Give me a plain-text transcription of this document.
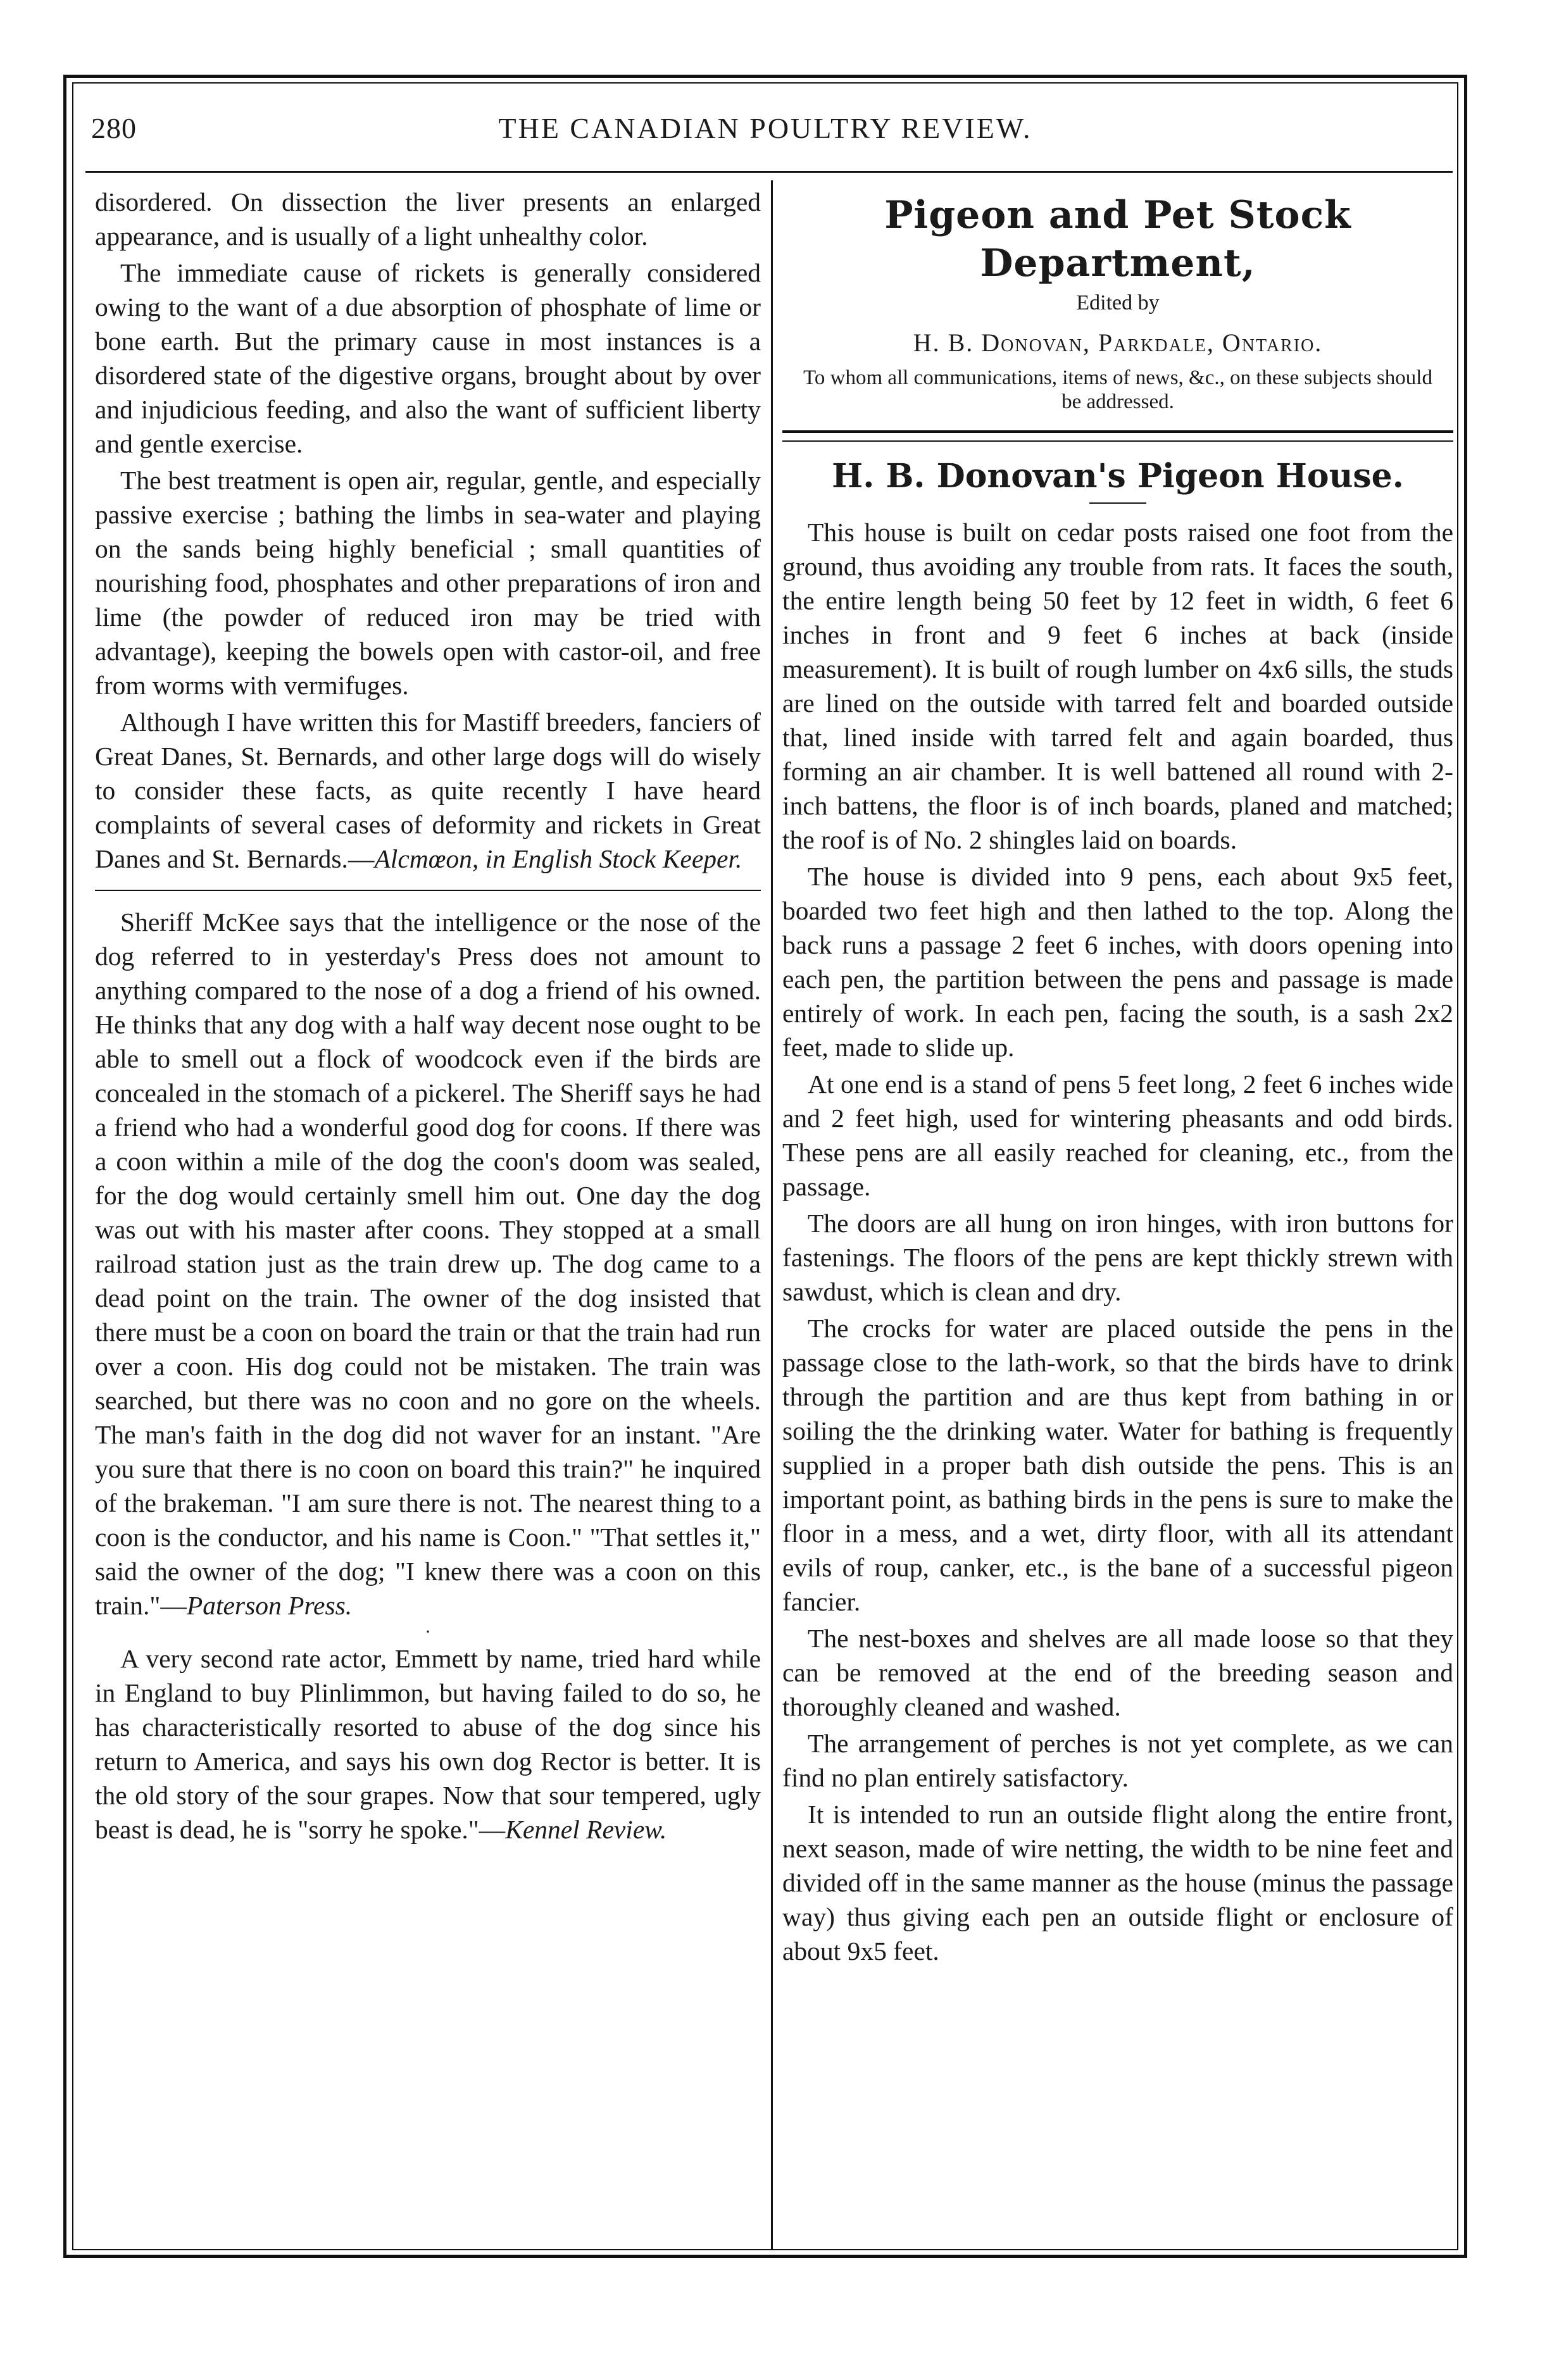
280	THE CANADIAN POULTRY REVIEW.

disordered. On dissection the liver presents an enlarged appearance, and is usually of a light unhealthy color.

The immediate cause of rickets is generally considered owing to the want of a due absorption of phosphate of lime or bone earth. But the primary cause in most instances is a disordered state of the digestive organs, brought about by over and injudicious feeding, and also the want of sufficient liberty and gentle exercise.

The best treatment is open air, regular, gentle, and especially passive exercise ; bathing the limbs in sea-water and playing on the sands being highly beneficial ; small quantities of nourishing food, phosphates and other preparations of iron and lime (the powder of reduced iron may be tried with advantage), keeping the bowels open with castor-oil, and free from worms with vermifuges.

Although I have written this for Mastiff breeders, fanciers of Great Danes, St. Bernards, and other large dogs will do wisely to consider these facts, as quite recently I have heard complaints of several cases of deformity and rickets in Great Danes and St. Bernards.—Alcmœon, in English Stock Keeper.

Sheriff McKee says that the intelligence or the nose of the dog referred to in yesterday's Press does not amount to anything compared to the nose of a dog a friend of his owned. He thinks that any dog with a half way decent nose ought to be able to smell out a flock of woodcock even if the birds are concealed in the stomach of a pickerel. The Sheriff says he had a friend who had a wonderful good dog for coons. If there was a coon within a mile of the dog the coon's doom was sealed, for the dog would certainly smell him out. One day the dog was out with his master after coons. They stopped at a small railroad station just as the train drew up. The dog came to a dead point on the train. The owner of the dog insisted that there must be a coon on board the train or that the train had run over a coon. His dog could not be mistaken. The train was searched, but there was no coon and no gore on the wheels. The man's faith in the dog did not waver for an instant. "Are you sure that there is no coon on board this train?" he inquired of the brakeman. "I am sure there is not. The nearest thing to a coon is the conductor, and his name is Coon." "That settles it," said the owner of the dog; "I knew there was a coon on this train."—Paterson Press.

·

A very second rate actor, Emmett by name, tried hard while in England to buy Plinlimmon, but having failed to do so, he has characteristically resorted to abuse of the dog since his return to America, and says his own dog Rector is better. It is the old story of the sour grapes. Now that sour tempered, ugly beast is dead, he is "sorry he spoke."—Kennel Review.

Pigeon and Pet Stock Department,
Edited by
H. B. Donovan, Parkdale, Ontario.
To whom all communications, items of news, &c., on these subjects should be addressed.
H. B. Donovan's Pigeon House.

This house is built on cedar posts raised one foot from the ground, thus avoiding any trouble from rats. It faces the south, the entire length being 50 feet by 12 feet in width, 6 feet 6 inches in front and 9 feet 6 inches at back (inside measurement). It is built of rough lumber on 4x6 sills, the studs are lined on the outside with tarred felt and boarded outside that, lined inside with tarred felt and again boarded, thus forming an air chamber. It is well battened all round with 2-inch battens, the floor is of inch boards, planed and matched; the roof is of No. 2 shingles laid on boards.

The house is divided into 9 pens, each about 9x5 feet, boarded two feet high and then lathed to the top. Along the back runs a passage 2 feet 6 inches, with doors opening into each pen, the partition between the pens and passage is made entirely of work. In each pen, facing the south, is a sash 2x2 feet, made to slide up.

At one end is a stand of pens 5 feet long, 2 feet 6 inches wide and 2 feet high, used for wintering pheasants and odd birds. These pens are all easily reached for cleaning, etc., from the passage.

The doors are all hung on iron hinges, with iron buttons for fastenings. The floors of the pens are kept thickly strewn with sawdust, which is clean and dry.

The crocks for water are placed outside the pens in the passage close to the lath-work, so that the birds have to drink through the partition and are thus kept from bathing in or soiling the the drinking water. Water for bathing is frequently supplied in a proper bath dish outside the pens. This is an important point, as bathing birds in the pens is sure to make the floor in a mess, and a wet, dirty floor, with all its attendant evils of roup, canker, etc., is the bane of a successful pigeon fancier.

The nest-boxes and shelves are all made loose so that they can be removed at the end of the breeding season and thoroughly cleaned and washed.

The arrangement of perches is not yet complete, as we can find no plan entirely satisfactory.

It is intended to run an outside flight along the entire front, next season, made of wire netting, the width to be nine feet and divided off in the same manner as the house (minus the passage way) thus giving each pen an outside flight or enclosure of about 9x5 feet.
